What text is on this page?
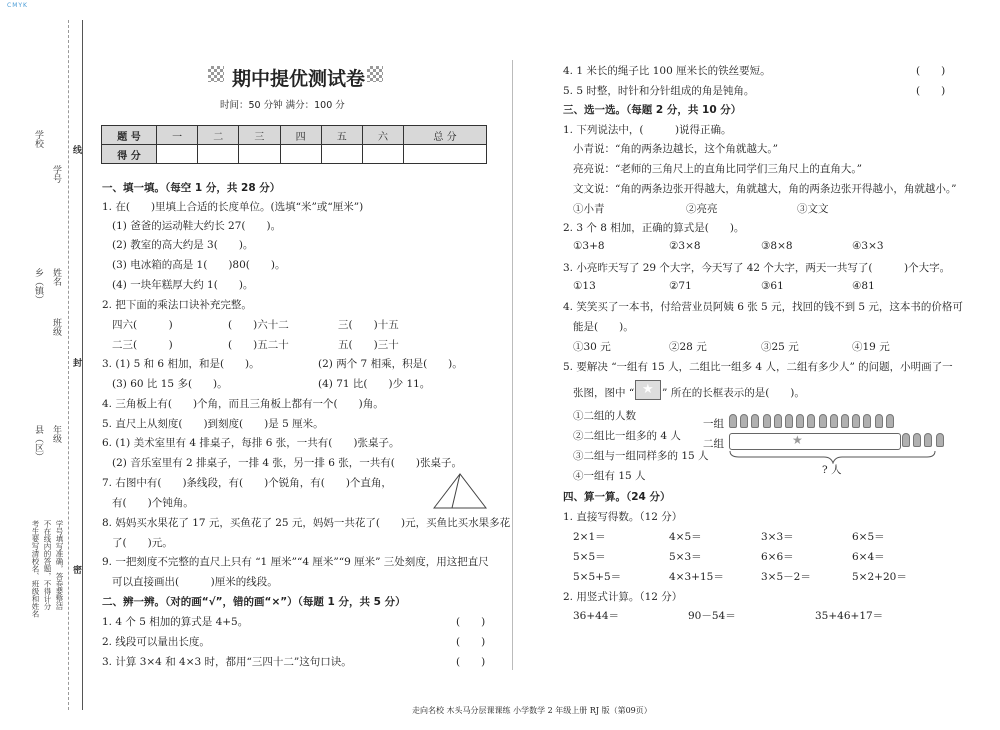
CMYK
学校
线
学号
乡（镇） 姓名
班级
封
县（区） 年级
密
考生要写清校名、班级和姓名 不在线内的答题，不得计分 学号填写准确，答卷要整洁
期中提优测试卷
时间：50 分钟 满分：100 分
题 号	一	二	三	四	五	六	总 分
得 分							
一、填一填。（每空 1 分，共 28 分）
1. 在(　　)里填上合适的长度单位。(选填“米”或“厘米”)
(1) 爸爸的运动鞋大约长 27(　　)。
(2) 教室的高大约是 3(　　)。
(3) 电冰箱的高是 1(　　)80(　　)。
(4) 一块年糕厚大约 1(　　)。
2. 把下面的乘法口诀补充完整。
四六(　　　)	(　　)六十二	三(　　)十五
二三(　　　)	(　　)五二十	五(　　)三十
3. (1) 5 和 6 相加，和是(　　)。	(2) 两个 7 相乘，积是(　　)。
(3) 60 比 15 多(　　)。	(4) 71 比(　　)少 11。
4. 三角板上有(　　)个角，而且三角板上都有一个(　　)角。
5. 直尺上从刻度(　　)到刻度(　　)是 5 厘米。
6. (1) 美术室里有 4 排桌子，每排 6 张，一共有(　　)张桌子。
(2) 音乐室里有 2 排桌子，一排 4 张，另一排 6 张，一共有(　　)张桌子。
7. 右图中有(　　)条线段，有(　　)个锐角，有(　　)个直角，
有(　　)个钝角。
8. 妈妈买水果花了 17 元，买鱼花了 25 元，妈妈一共花了(　　)元，买鱼比买水果多花
了(　　)元。
9. 一把刻度不完整的直尺上只有 “1 厘米”“4 厘米”“9 厘米” 三处刻度，用这把直尺
可以直接画出(　　　)厘米的线段。
二、辨一辨。（对的画“√”，错的画“×”）（每题 1 分，共 5 分）
1. 4 个 5 相加的算式是 4+5。	(　　)
2. 线段可以量出长度。	(　　)
3. 计算 3×4 和 4×3 时，都用“三四十二”这句口诀。	(　　)
4. 1 米长的绳子比 100 厘米长的铁丝要短。	(　　)
5. 5 时整，时针和分针组成的角是钝角。	(　　)
三、选一选。（每题 2 分，共 10 分）
1. 下列说法中，(　　　)说得正确。
小青说：“角的两条边越长，这个角就越大。”
亮亮说：“老师的三角尺上的直角比同学们三角尺上的直角大。”
文文说：“角的两条边张开得越大，角就越大，角的两条边张开得越小，角就越小。”
①小青	②亮亮	③文文
2. 3 个 8 相加，正确的算式是(　　)。
①3+8	②3×8	③8×8	④3×3
3. 小亮昨天写了 29 个大字，今天写了 42 个大字，两天一共写了(　　　)个大字。
①13	②71	③61	④81
4. 笑笑买了一本书，付给营业员阿姨 6 张 5 元，找回的钱不到 5 元，这本书的价格可
能是(　　)。
①30 元	②28 元	③25 元	④19 元
5. 要解决 “一组有 15 人，二组比一组多 4 人，二组有多少人” 的问题，小明画了一
张图，图中 “ ★ ” 所在的长框表示的是(　　)。
①二组的人数
②二组比一组多的 4 人
③二组与一组同样多的 15 人
④一组有 15 人
一组
二组	★
? 人
四、算一算。（24 分）
1. 直接写得数。（12 分）
2×1＝	4×5＝	3×3＝	6×5＝
5×5＝	5×3＝	6×6＝	6×4＝
5×5+5＝	4×3+15＝	3×5－2＝	5×2+20＝
2. 用竖式计算。（12 分）
36+44＝	90－54＝	35+46+17＝
走向名校 木头马分层课课练 小学数学 2 年级上册 RJ 版（第09页）
